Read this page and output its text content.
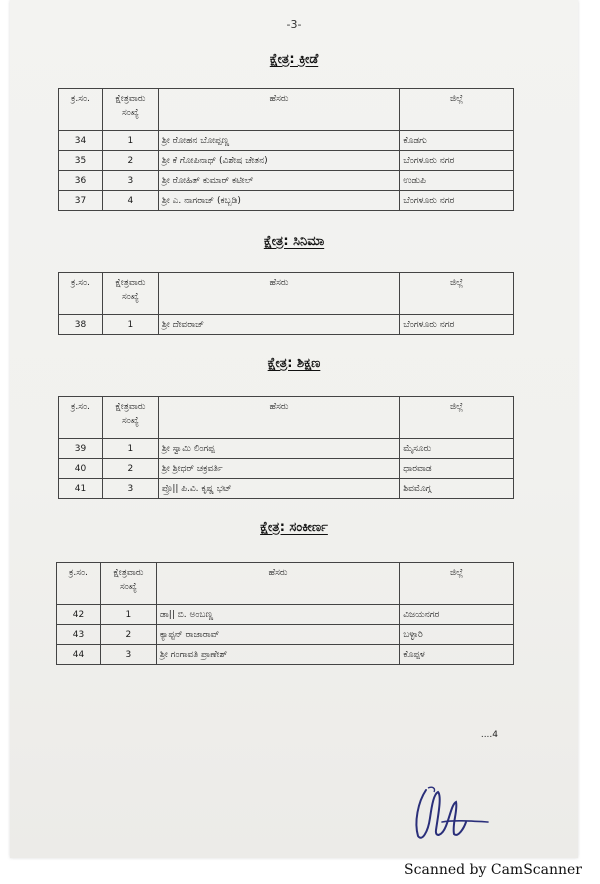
-3-
ಕ್ಷೇತ್ರ: ಕ್ರೀಡೆ
ಕ್ರ.ಸಂ.	ಕ್ಷೇತ್ರವಾರು ಸಂಖ್ಯೆ	ಹೆಸರು	ಜಿಲ್ಲೆ
34	1	ಶ್ರೀ ರೋಹನ ಬೋಪ್ಪಣ್ಣ	ಕೊಡಗು
35	2	ಶ್ರೀ ಕೆ ಗೋಪಿನಾಥ್ (ವಿಶೇಷ ಚೇತನ)	ಬೆಂಗಳೂರು ನಗರ
36	3	ಶ್ರೀ ರೋಹಿತ್ ಕುಮಾರ್ ಕಟೀಲ್	ಉಡುಪಿ
37	4	ಶ್ರೀ ಎ. ನಾಗರಾಜ್ (ಕಬ್ಬಡಿ)	ಬೆಂಗಳೂರು ನಗರ
ಕ್ಷೇತ್ರ: ಸಿನಿಮಾ
ಕ್ರ.ಸಂ.	ಕ್ಷೇತ್ರವಾರು ಸಂಖ್ಯೆ	ಹೆಸರು	ಜಿಲ್ಲೆ
38	1	ಶ್ರೀ ದೇವರಾಜ್	ಬೆಂಗಳೂರು ನಗರ
ಕ್ಷೇತ್ರ: ಶಿಕ್ಷಣ
ಕ್ರ.ಸಂ.	ಕ್ಷೇತ್ರವಾರು ಸಂಖ್ಯೆ	ಹೆಸರು	ಜಿಲ್ಲೆ
39	1	ಶ್ರೀ ಸ್ವಾಮಿ ಲಿಂಗಪ್ಪ	ಮೈಸೂರು
40	2	ಶ್ರೀ ಶ್ರೀಧರ್ ಚಕ್ರವರ್ತಿ	ಧಾರವಾಡ
41	3	ಪ್ರೊ|| ಪಿ.ವಿ. ಕೃಷ್ಣ ಭಟ್	ಶಿವಮೊಗ್ಗ
ಕ್ಷೇತ್ರ: ಸಂಕೀರ್ಣ
ಕ್ರ.ಸಂ.	ಕ್ಷೇತ್ರವಾರು ಸಂಖ್ಯೆ	ಹೆಸರು	ಜಿಲ್ಲೆ
42	1	ಡಾ|| ಬಿ. ಅಂಬಣ್ಣ	ವಿಜಯನಗರ
43	2	ಕ್ಯಾಪ್ಟನ್ ರಾಜಾರಾವ್	ಬಳ್ಳಾರಿ
44	3	ಶ್ರೀ ಗಂಗಾವತಿ ಪ್ರಾಣೇಶ್	ಕೊಪ್ಪಳ
....4
Scanned by CamScanner
